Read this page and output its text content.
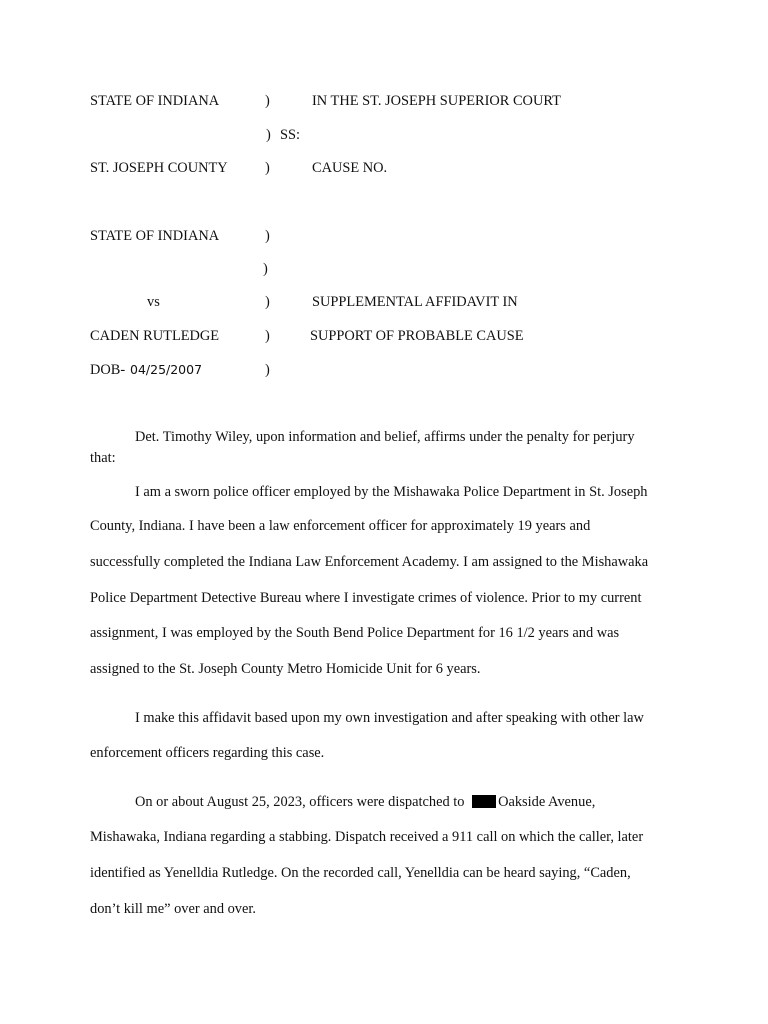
STATE OF INDIANA	)	IN THE ST. JOSEPH SUPERIOR COURT
) SS:
ST. JOSEPH COUNTY	)	CAUSE NO.
STATE OF INDIANA	)
)
vs	)	SUPPLEMENTAL AFFIDAVIT IN
CADEN RUTLEDGE	)	SUPPORT OF PROBABLE CAUSE
DOB- 04/25/2007	)
Det. Timothy Wiley, upon information and belief, affirms under the penalty for perjury
that:
I am a sworn police officer employed by the Mishawaka Police Department in St. Joseph
County, Indiana. I have been a law enforcement officer for approximately 19 years and
successfully completed the Indiana Law Enforcement Academy. I am assigned to the Mishawaka
Police Department Detective Bureau where I investigate crimes of violence. Prior to my current
assignment, I was employed by the South Bend Police Department for 16 1/2 years and was
assigned to the St. Joseph County Metro Homicide Unit for 6 years.
I make this affidavit based upon my own investigation and after speaking with other law
enforcement officers regarding this case.
On or about August 25, 2023, officers were dispatched to Oakside Avenue,
Mishawaka, Indiana regarding a stabbing. Dispatch received a 911 call on which the caller, later
identified as Yenelldia Rutledge. On the recorded call, Yenelldia can be heard saying, “Caden,
don’t kill me” over and over.
